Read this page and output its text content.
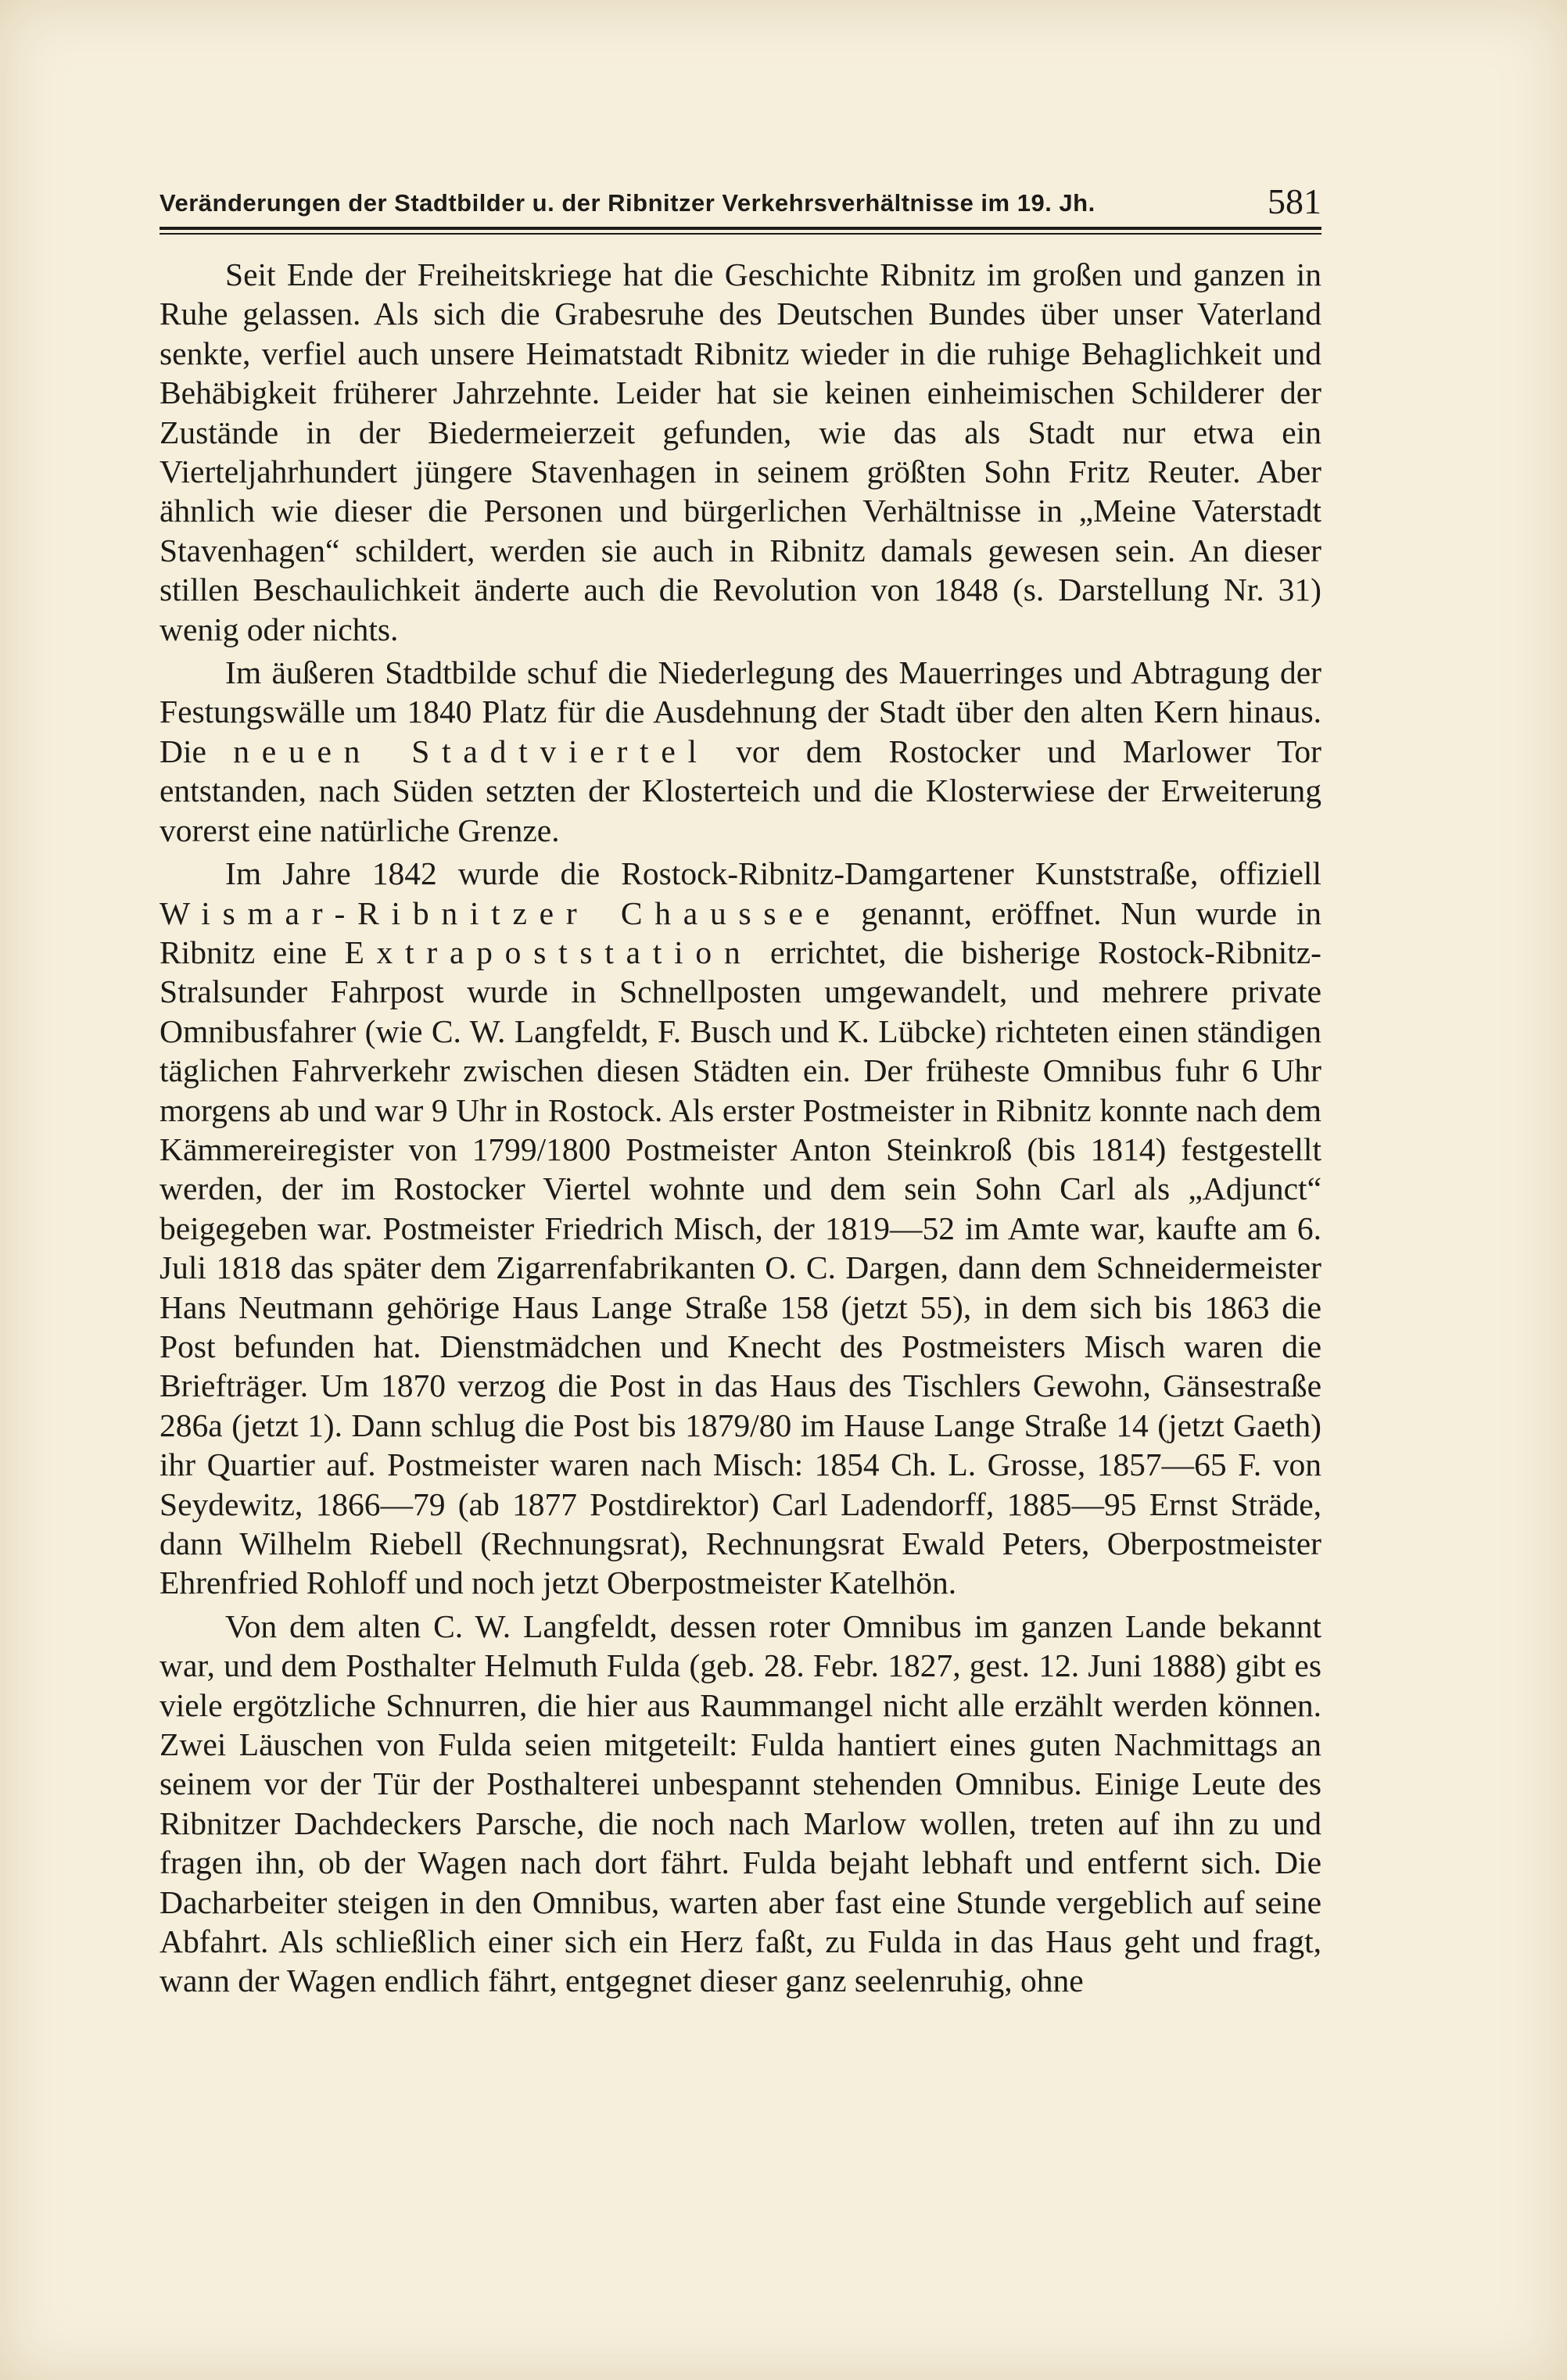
Veränderungen der Stadtbilder u. der Ribnitzer Verkehrsverhältnisse im 19. Jh.	581

Seit Ende der Freiheitskriege hat die Geschichte Ribnitz im großen und ganzen in Ruhe gelassen. Als sich die Grabesruhe des Deutschen Bundes über unser Vaterland senkte, verfiel auch unsere Heimatstadt Ribnitz wieder in die ruhige Behaglichkeit und Behäbigkeit früherer Jahrzehnte. Leider hat sie keinen einheimischen Schilderer der Zustände in der Biedermeierzeit gefunden, wie das als Stadt nur etwa ein Vierteljahrhundert jüngere Stavenhagen in seinem größten Sohn Fritz Reuter. Aber ähnlich wie dieser die Personen und bürgerlichen Verhältnisse in „Meine Vaterstadt Stavenhagen“ schildert, werden sie auch in Ribnitz damals gewesen sein. An dieser stillen Beschaulichkeit änderte auch die Revolution von 1848 (s. Darstellung Nr. 31) wenig oder nichts.

Im äußeren Stadtbilde schuf die Niederlegung des Mauerringes und Abtragung der Festungswälle um 1840 Platz für die Ausdehnung der Stadt über den alten Kern hinaus. Die neuen Stadtviertel vor dem Rostocker und Marlower Tor entstanden, nach Süden setzten der Klosterteich und die Klosterwiese der Erweiterung vorerst eine natürliche Grenze.

Im Jahre 1842 wurde die Rostock-Ribnitz-Damgartener Kunststraße, offiziell Wismar-Ribnitzer Chaussee genannt, eröffnet. Nun wurde in Ribnitz eine Extrapoststation errichtet, die bisherige Rostock-Ribnitz-Stralsunder Fahrpost wurde in Schnellposten umgewandelt, und mehrere private Omnibusfahrer (wie C. W. Langfeldt, F. Busch und K. Lübcke) richteten einen ständigen täglichen Fahrverkehr zwischen diesen Städten ein. Der früheste Omnibus fuhr 6 Uhr morgens ab und war 9 Uhr in Rostock. Als erster Postmeister in Ribnitz konnte nach dem Kämmereiregister von 1799/1800 Postmeister Anton Steinkroß (bis 1814) festgestellt werden, der im Rostocker Viertel wohnte und dem sein Sohn Carl als „Adjunct“ beigegeben war. Postmeister Friedrich Misch, der 1819—52 im Amte war, kaufte am 6. Juli 1818 das später dem Zigarrenfabrikanten O. C. Dargen, dann dem Schneidermeister Hans Neutmann gehörige Haus Lange Straße 158 (jetzt 55), in dem sich bis 1863 die Post befunden hat. Dienstmädchen und Knecht des Postmeisters Misch waren die Briefträger. Um 1870 verzog die Post in das Haus des Tischlers Gewohn, Gänsestraße 286a (jetzt 1). Dann schlug die Post bis 1879/80 im Hause Lange Straße 14 (jetzt Gaeth) ihr Quartier auf. Postmeister waren nach Misch: 1854 Ch. L. Grosse, 1857—65 F. von Seydewitz, 1866—79 (ab 1877 Postdirektor) Carl Ladendorff, 1885—95 Ernst Sträde, dann Wilhelm Riebell (Rechnungsrat), Rechnungsrat Ewald Peters, Oberpostmeister Ehrenfried Rohloff und noch jetzt Oberpostmeister Katelhön.

Von dem alten C. W. Langfeldt, dessen roter Omnibus im ganzen Lande bekannt war, und dem Posthalter Helmuth Fulda (geb. 28. Febr. 1827, gest. 12. Juni 1888) gibt es viele ergötzliche Schnurren, die hier aus Raummangel nicht alle erzählt werden können. Zwei Läuschen von Fulda seien mitgeteilt: Fulda hantiert eines guten Nachmittags an seinem vor der Tür der Posthalterei unbespannt stehenden Omnibus. Einige Leute des Ribnitzer Dachdeckers Parsche, die noch nach Marlow wollen, treten auf ihn zu und fragen ihn, ob der Wagen nach dort fährt. Fulda bejaht lebhaft und entfernt sich. Die Dacharbeiter steigen in den Omnibus, warten aber fast eine Stunde vergeblich auf seine Abfahrt. Als schließlich einer sich ein Herz faßt, zu Fulda in das Haus geht und fragt, wann der Wagen endlich fährt, entgegnet dieser ganz seelenruhig, ohne
